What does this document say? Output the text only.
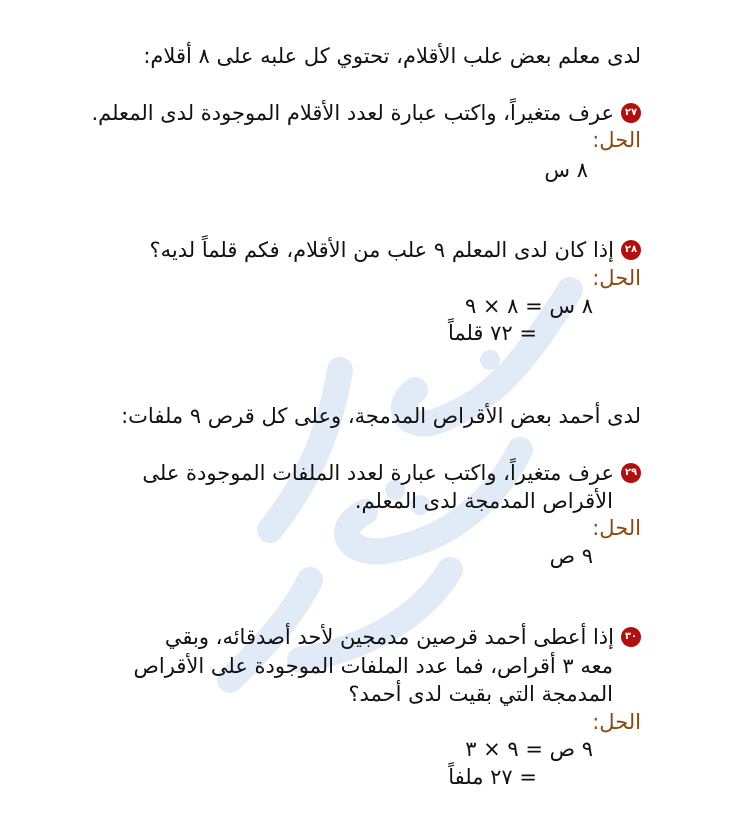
لدى معلم بعض علب الأقلام، تحتوي كل علبه على ٨ أقلام:
٢٧
عرف متغيراً، واكتب عبارة لعدد الأقلام الموجودة لدى المعلم.
الحل:
٨ س
٢٨
إذا كان لدى المعلم ٩ علب من الأقلام، فكم قلماً لديه؟
الحل:
٨ س = ٨ × ٩
= ٧٢ قلماً
لدى أحمد بعض الأقراص المدمجة، وعلى كل قرص ٩ ملفات:
٢٩
عرف متغيراً، واكتب عبارة لعدد الملفات الموجودة على
الأقراص المدمجة لدى المعلم.
الحل:
٩ ص
٣٠
إذا أعطى أحمد قرصين مدمجين لأحد أصدقائه، وبقي
معه ٣ أقراص، فما عدد الملفات الموجودة على الأقراص
المدمجة التي بقيت لدى أحمد؟
الحل:
٩ ص = ٩ × ٣
= ٢٧ ملفاً
